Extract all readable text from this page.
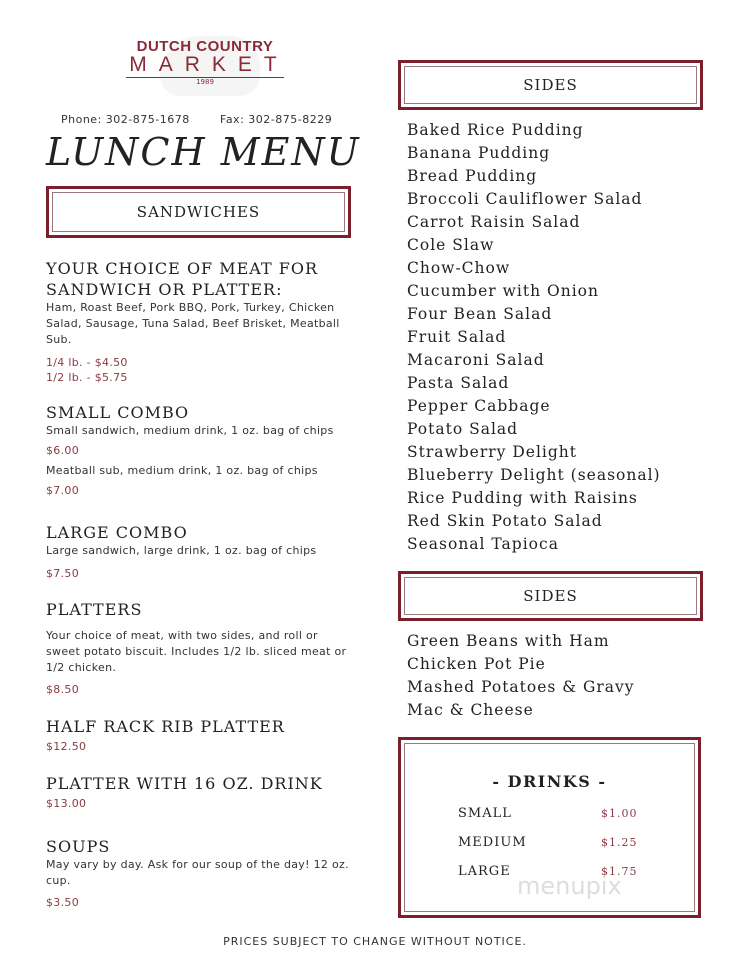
DUTCH COUNTRY
MARKET
1989
Phone: 302-875-1678	Fax: 302-875-8229
LUNCH MENU
SANDWICHES
YOUR CHOICE OF MEAT FOR SANDWICH OR PLATTER:
Ham, Roast Beef, Pork BBQ, Pork, Turkey, Chicken Salad, Sausage, Tuna Salad, Beef Brisket, Meatball Sub.
1/4 lb. - $4.50
1/2 lb. - $5.75
SMALL COMBO
Small sandwich, medium drink, 1 oz. bag of chips
$6.00
Meatball sub, medium drink, 1 oz. bag of chips
$7.00
LARGE COMBO
Large sandwich, large drink, 1 oz. bag of chips
$7.50
PLATTERS
Your choice of meat, with two sides, and roll or sweet potato biscuit. Includes 1/2 lb. sliced meat or 1/2 chicken.
$8.50
HALF RACK RIB PLATTER
$12.50
PLATTER WITH 16 OZ. DRINK
$13.00
SOUPS
May vary by day. Ask for our soup of the day! 12 oz. cup.
$3.50
SIDES
Baked Rice Pudding
Banana Pudding
Bread Pudding
Broccoli Cauliflower Salad
Carrot Raisin Salad
Cole Slaw
Chow-Chow
Cucumber with Onion
Four Bean Salad
Fruit Salad
Macaroni Salad
Pasta Salad
Pepper Cabbage
Potato Salad
Strawberry Delight
Blueberry Delight (seasonal)
Rice Pudding with Raisins
Red Skin Potato Salad
Seasonal Tapioca
SIDES
Green Beans with Ham
Chicken Pot Pie
Mashed Potatoes & Gravy
Mac & Cheese
- DRINKS -
SMALL	$1.00
MEDIUM	$1.25
LARGE	$1.75
menupix
PRICES SUBJECT TO CHANGE WITHOUT NOTICE.
